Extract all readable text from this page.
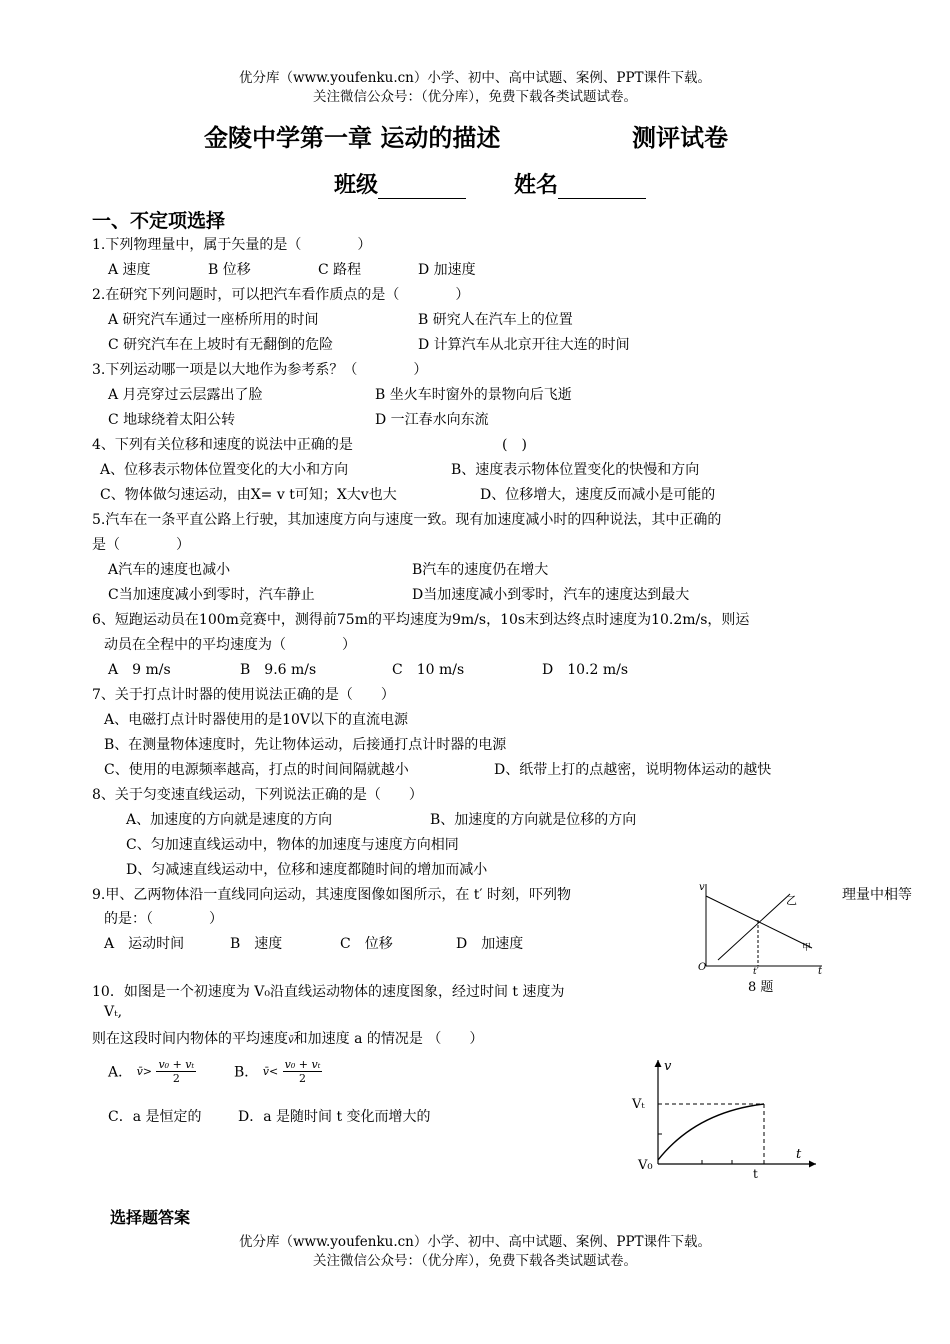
优分库（www.youfenku.cn）小学、初中、高中试题、案例、PPT课件下载。
关注微信公众号：（优分库），免费下载各类试题试卷。
金陵中学第一章 运动的描述	测评试卷
班级	姓名
一、不定项选择
1.下列物理量中，属于矢量的是（　　　　）
A 速度	B 位移	C 路程	D 加速度
2.在研究下列问题时，可以把汽车看作质点的是（　　　　）
A 研究汽车通过一座桥所用的时间	B 研究人在汽车上的位置
C 研究汽车在上坡时有无翻倒的危险	D 计算汽车从北京开往大连的时间
3.下列运动哪一项是以大地作为参考系？（　　　　）
A 月亮穿过云层露出了脸	B 坐火车时窗外的景物向后飞逝
C 地球绕着太阳公转	D 一江春水向东流
4、下列有关位移和速度的说法中正确的是	(　)
A、位移表示物体位置变化的大小和方向	B、速度表示物体位置变化的快慢和方向
C、物体做匀速运动，由X= v t可知；X大v也大	D、位移增大，速度反而减小是可能的
5.汽车在一条平直公路上行驶，其加速度方向与速度一致。现有加速度减小时的四种说法，其中正确的
是（　　　　）
A汽车的速度也减小	B汽车的速度仍在增大
C当加速度减小到零时，汽车静止	D当加速度减小到零时，汽车的速度达到最大
6、短跑运动员在100m竞赛中，测得前75m的平均速度为9m/s，10s末到达终点时速度为10.2m/s，则运
动员在全程中的平均速度为（　　　　）
A　9 m/s	B　9.6 m/s	C　10 m/s	D　10.2 m/s
7、关于打点计时器的使用说法正确的是（　　）
A、电磁打点计时器使用的是10V以下的直流电源
B、在测量物体速度时，先让物体运动，后接通打点计时器的电源
C、使用的电源频率越高，打点的时间间隔就越小	D、纸带上打的点越密，说明物体运动的越快
8、关于匀变速直线运动，下列说法正确的是（　　）
A、加速度的方向就是速度的方向	B、加速度的方向就是位移的方向
C、匀加速直线运动中，物体的加速度与速度方向相同
D、匀减速直线运动中，位移和速度都随时间的增加而减小
9.甲、乙两物体沿一直线同向运动，其速度图像如图所示，在 t′ 时刻，吓列物	理量中相等
的是：（　　　　）
A　运动时间	B　速度	C　位移	D　加速度
v
t
O	t′
乙
甲
8 题
10．如图是一个初速度为 V₀沿直线运动物体的速度图象，经过时间 t 速度为
Vₜ,
则在这段时间内物体的平均速度v̄和加速度 a 的情况是 （　　）
A． v̄> $\frac{\text{v₀ + vₜ}}{2}$	B． v̄< $\frac{\text{v₀ + vₜ}}{2}$
C．a 是恒定的	D．a 是随时间 t 变化而增大的
v
t
Vₜ
V₀
t
选择题答案
优分库（www.youfenku.cn）小学、初中、高中试题、案例、PPT课件下载。
关注微信公众号：（优分库），免费下载各类试题试卷。
